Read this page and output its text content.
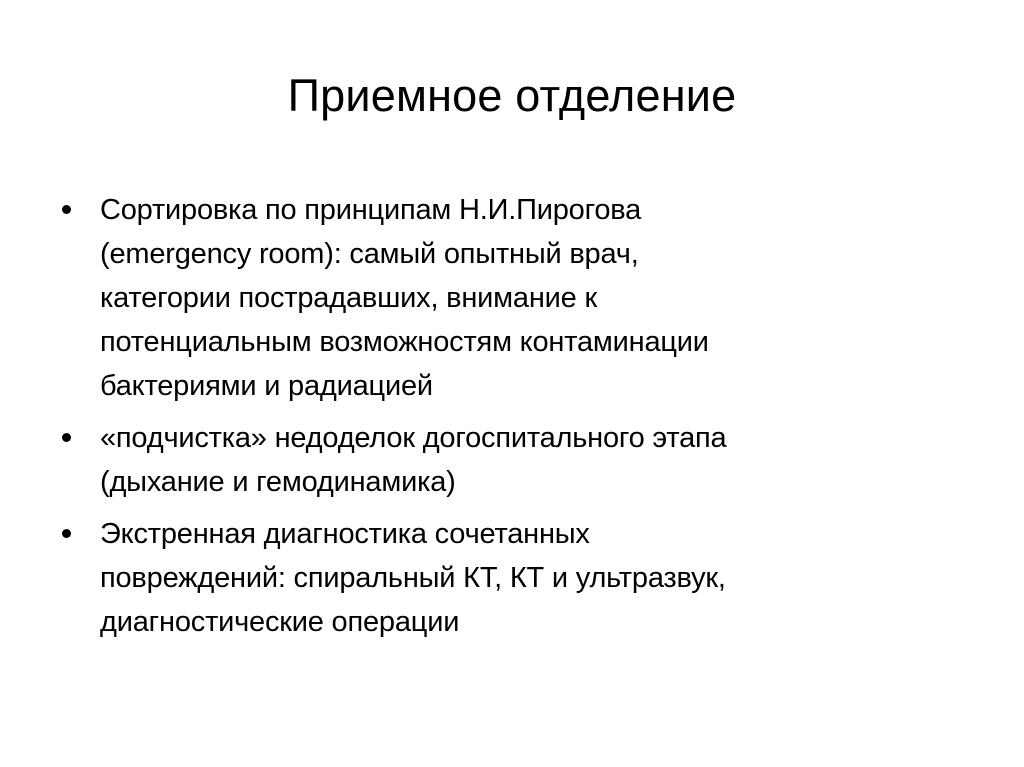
Приемное отделение
Сортировка по принципам Н.И.Пирогова
(emergency room): самый опытный врач,
категории пострадавших, внимание к
потенциальным возможностям контаминации
бактериями и радиацией
«подчистка» недоделок догоспитального этапа
(дыхание и гемодинамика)
Экстренная диагностика сочетанных
повреждений: спиральный КТ, КТ и ультразвук,
диагностические операции
